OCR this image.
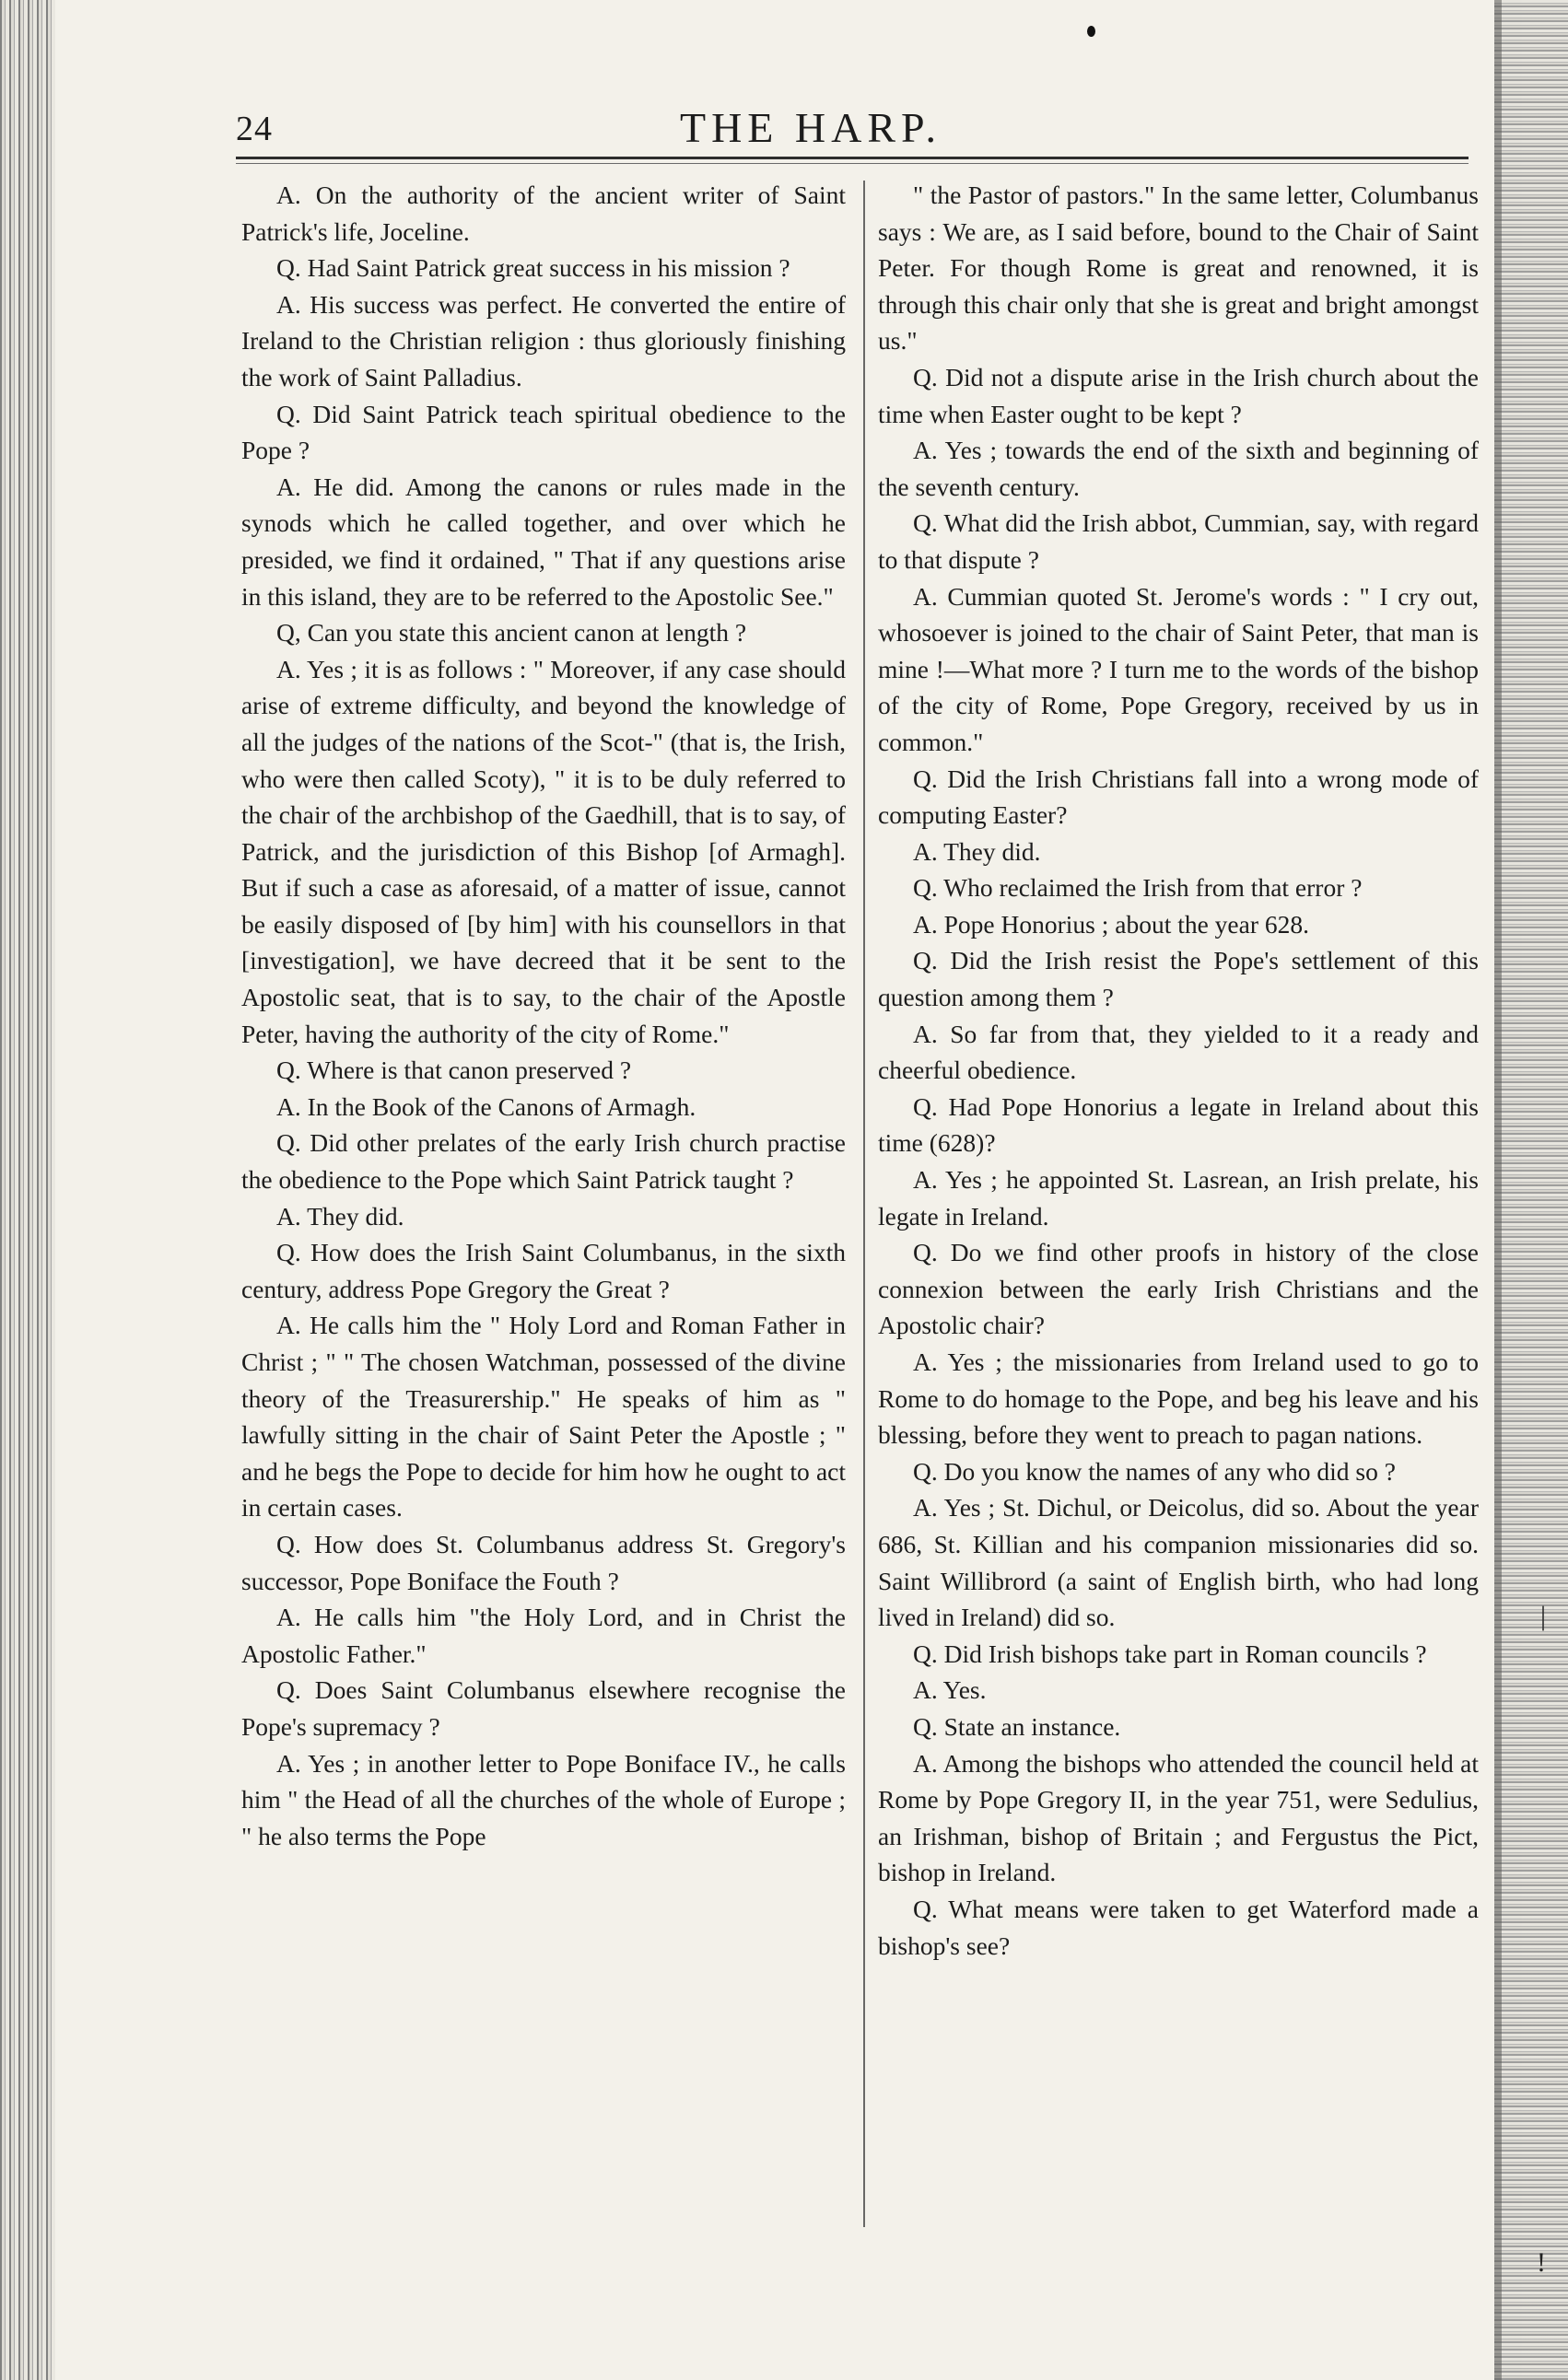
24	THE HARP.

A. On the authority of the ancient writer of Saint Patrick's life, Joceline.

Q. Had Saint Patrick great success in his mission ?

A. His success was perfect. He converted the entire of Ireland to the Christian religion : thus gloriously finishing the work of Saint Palladius.

Q. Did Saint Patrick teach spiritual obedience to the Pope ?

A. He did. Among the canons or rules made in the synods which he called together, and over which he presided, we find it ordained, " That if any questions arise in this island, they are to be referred to the Apostolic See."

Q, Can you state this ancient canon at length ?

A. Yes ; it is as follows : " Moreover, if any case should arise of extreme difficulty, and beyond the knowledge of all the judges of the nations of the Scot-" (that is, the Irish, who were then called Scoty), " it is to be duly referred to the chair of the archbishop of the Gaedhill, that is to say, of Patrick, and the jurisdiction of this Bishop [of Armagh]. But if such a case as aforesaid, of a matter of issue, cannot be easily disposed of [by him] with his counsellors in that [investigation], we have decreed that it be sent to the Apostolic seat, that is to say, to the chair of the Apostle Peter, having the authority of the city of Rome."

Q. Where is that canon preserved ?

A. In the Book of the Canons of Armagh.

Q. Did other prelates of the early Irish church practise the obedience to the Pope which Saint Patrick taught ?

A. They did.

Q. How does the Irish Saint Columbanus, in the sixth century, address Pope Gregory the Great ?

A. He calls him the " Holy Lord and Roman Father in Christ ; " " The chosen Watchman, possessed of the divine theory of the Treasurership." He speaks of him as " lawfully sitting in the chair of Saint Peter the Apostle ; " and he begs the Pope to decide for him how he ought to act in certain cases.

Q. How does St. Columbanus address St. Gregory's successor, Pope Boniface the Fouth ?

A. He calls him "the Holy Lord, and in Christ the Apostolic Father."

Q. Does Saint Columbanus elsewhere recognise the Pope's supremacy ?

A. Yes ; in another letter to Pope Boniface IV., he calls him " the Head of all the churches of the whole of Europe ; " he also terms the Pope

" the Pastor of pastors." In the same letter, Columbanus says : We are, as I said before, bound to the Chair of Saint Peter. For though Rome is great and renowned, it is through this chair only that she is great and bright amongst us."

Q. Did not a dispute arise in the Irish church about the time when Easter ought to be kept ?

A. Yes ; towards the end of the sixth and beginning of the seventh century.

Q. What did the Irish abbot, Cummian, say, with regard to that dispute ?

A. Cummian quoted St. Jerome's words : " I cry out, whosoever is joined to the chair of Saint Peter, that man is mine !—What more ? I turn me to the words of the bishop of the city of Rome, Pope Gregory, received by us in common."

Q. Did the Irish Christians fall into a wrong mode of computing Easter?

A. They did.

Q. Who reclaimed the Irish from that error ?

A. Pope Honorius ; about the year 628.

Q. Did the Irish resist the Pope's settlement of this question among them ?

A. So far from that, they yielded to it a ready and cheerful obedience.

Q. Had Pope Honorius a legate in Ireland about this time (628)?

A. Yes ; he appointed St. Lasrean, an Irish prelate, his legate in Ireland.

Q. Do we find other proofs in history of the close connexion between the early Irish Christians and the Apostolic chair?

A. Yes ; the missionaries from Ireland used to go to Rome to do homage to the Pope, and beg his leave and his blessing, before they went to preach to pagan nations.

Q. Do you know the names of any who did so ?

A. Yes ; St. Dichul, or Deicolus, did so. About the year 686, St. Killian and his companion missionaries did so. Saint Willibrord (a saint of English birth, who had long lived in Ireland) did so.

Q. Did Irish bishops take part in Roman councils ?

A. Yes.

Q. State an instance.

A. Among the bishops who attended the council held at Rome by Pope Gregory II, in the year 751, were Sedulius, an Irishman, bishop of Britain ; and Fergustus the Pict, bishop in Ireland.

Q. What means were taken to get Waterford made a bishop's see?

|
!
